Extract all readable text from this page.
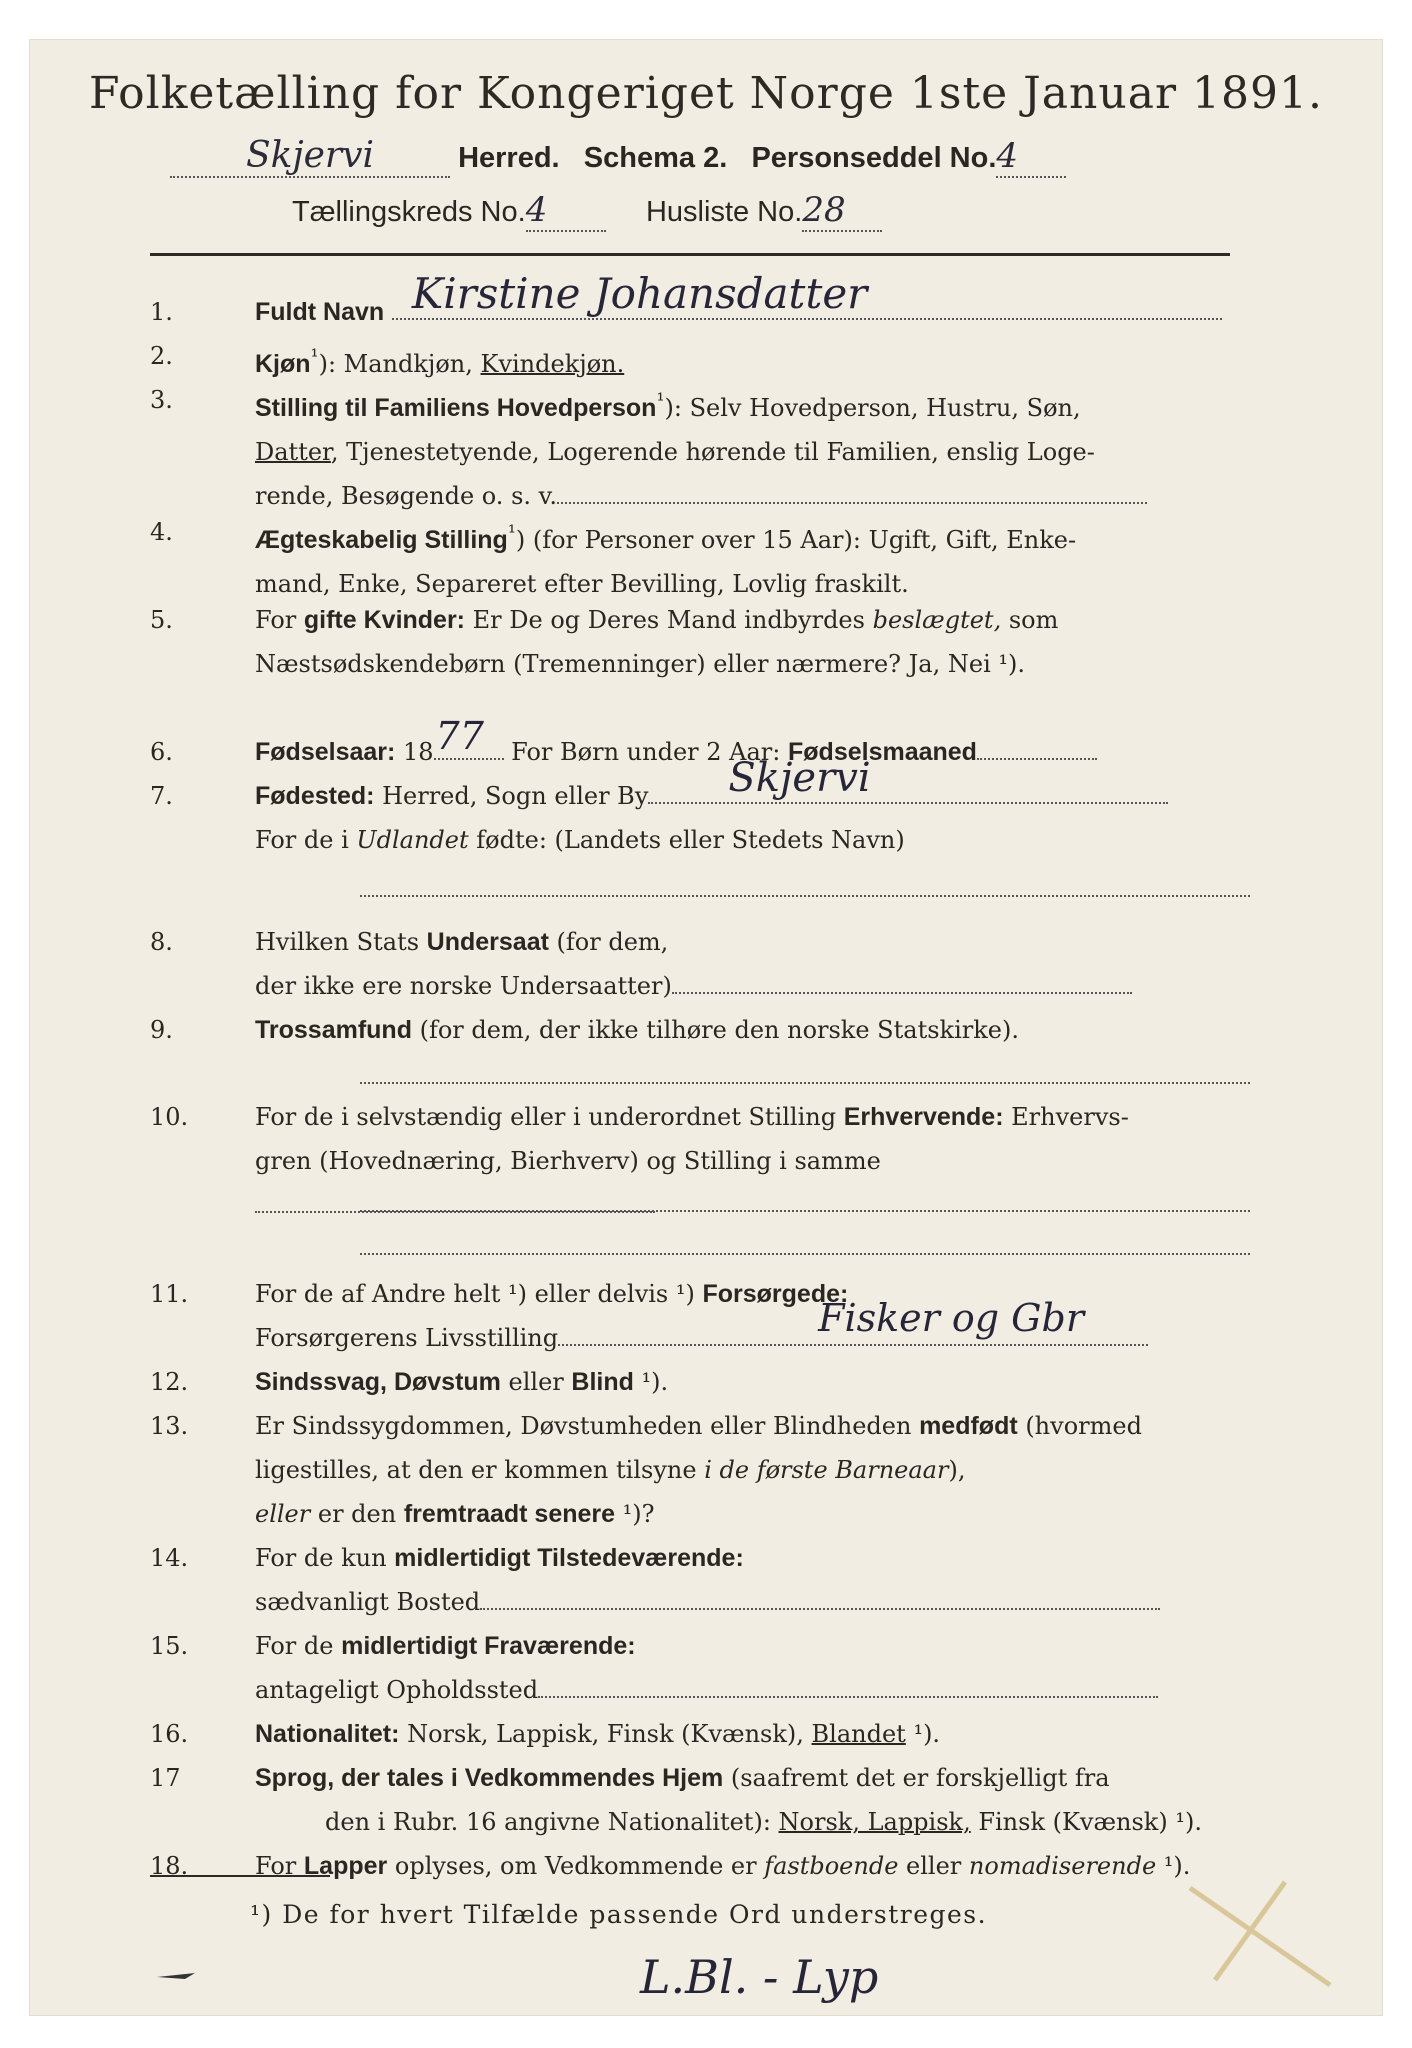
Folketælling for Kongeriget Norge 1ste Januar 1891.
Skjervi	Herred. Schema 2. Personseddel No.4
Tællingskreds No.4	Husliste No.28
1.	Fuldt Navn Kirstine Johansdatter
2.	Kjøn$^{^1}$): Mandkjøn, Kvindekjøn.
3.	Stilling til Familiens Hovedperson$^{^1}$): Selv Hovedperson, Hustru, Søn,
Datter, Tjenestetyende, Logerende hørende til Familien, enslig Loge-
rende, Besøgende o. s. v.
4.	Ægteskabelig Stilling$^{^1}$) (for Personer over 15 Aar): Ugift, Gift, Enke-
mand, Enke, Separeret efter Bevilling, Lovlig fraskilt.
5.	For gifte Kvinder: Er De og Deres Mand indbyrdes beslægtet, som
Næstsødskendebørn (Tremenninger) eller nærmere? Ja, Nei ¹).
6.	Fødselsaar: 18 77 For Børn under 2 Aar: Fødselsmaaned
7.	Fødested: Herred, Sogn eller By Skjervi
For de i Udlandet fødte: (Landets eller Stedets Navn)
8.	Hvilken Stats Undersaat (for dem,
der ikke ere norske Undersaatter)
9.	Trossamfund (for dem, der ikke tilhøre den norske Statskirke).
10.	For de i selvstændig eller i underordnet Stilling Erhvervende: Erhvervs-
gren (Hovednæring, Bierhverv) og Stilling i samme
11.	For de af Andre helt ¹) eller delvis ¹) Forsørgede:
Forsørgerens Livsstilling	Fisker og Gbr
12.	Sindssvag, Døvstum eller Blind ¹).
13.	Er Sindssygdommen, Døvstumheden eller Blindheden medfødt (hvormed
ligestilles, at den er kommen tilsyne i de første Barneaar),
eller er den fremtraadt senere ¹)?
14.	For de kun midlertidigt Tilstedeværende:
sædvanligt Bosted
15.	For de midlertidigt Fraværende:
antageligt Opholdssted
16.	Nationalitet: Norsk, Lappisk, Finsk (Kvænsk), Blandet ¹).
17	Sprog, der tales i Vedkommendes Hjem (saafremt det er forskjelligt fra
den i Rubr. 16 angivne Nationalitet): Norsk, Lappisk, Finsk (Kvænsk) ¹).
18.	For Lapper oplyses, om Vedkommende er fastboende eller nomadiserende ¹).
¹) De for hvert Tilfælde passende Ord understreges.
L.Bl. - Lyp
